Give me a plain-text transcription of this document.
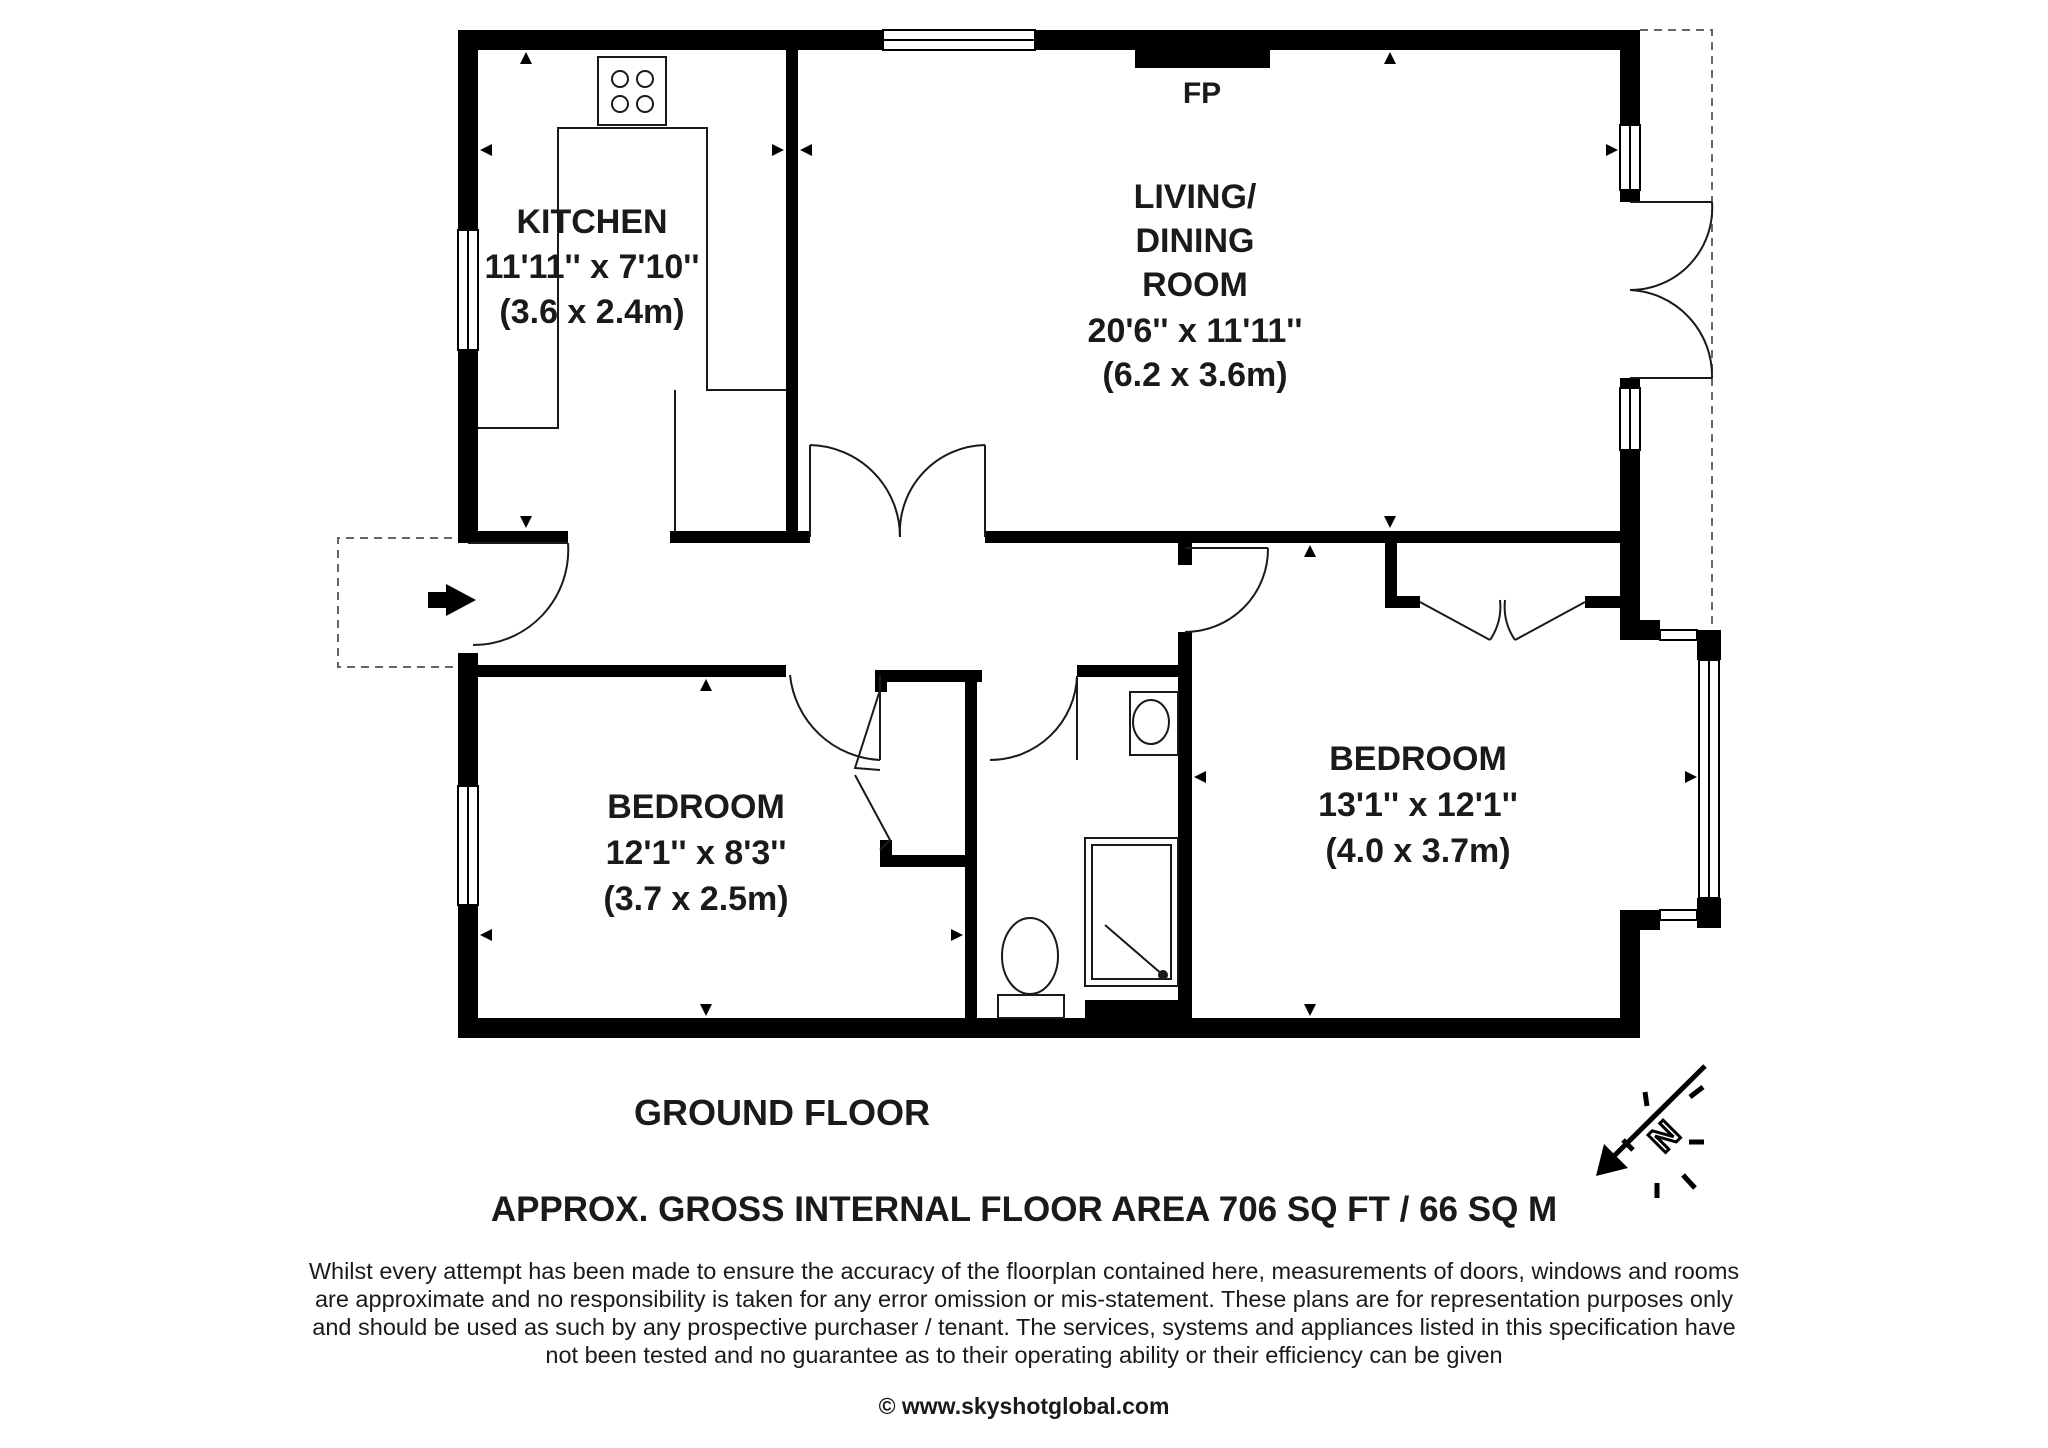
FP
KITCHEN
11'11'' x 7'10''
(3.6 x 2.4m)
LIVING/
DINING
ROOM
20'6'' x 11'11''
(6.2 x 3.6m)
BEDROOM
12'1'' x 8'3''
(3.7 x 2.5m)
BEDROOM
13'1'' x 12'1''
(4.0 x 3.7m)
N
GROUND FLOOR
APPROX. GROSS INTERNAL FLOOR AREA 706 SQ FT / 66 SQ M
Whilst every attempt has been made to ensure the accuracy of the floorplan contained here, measurements of doors, windows and rooms are approximate and no responsibility is taken for any error omission or mis-statement. These plans are for representation purposes only and should be used as such by any prospective purchaser / tenant. The services, systems and appliances listed in this specification have not been tested and no guarantee as to their operating ability or their efficiency can be given
© www.skyshotglobal.com
